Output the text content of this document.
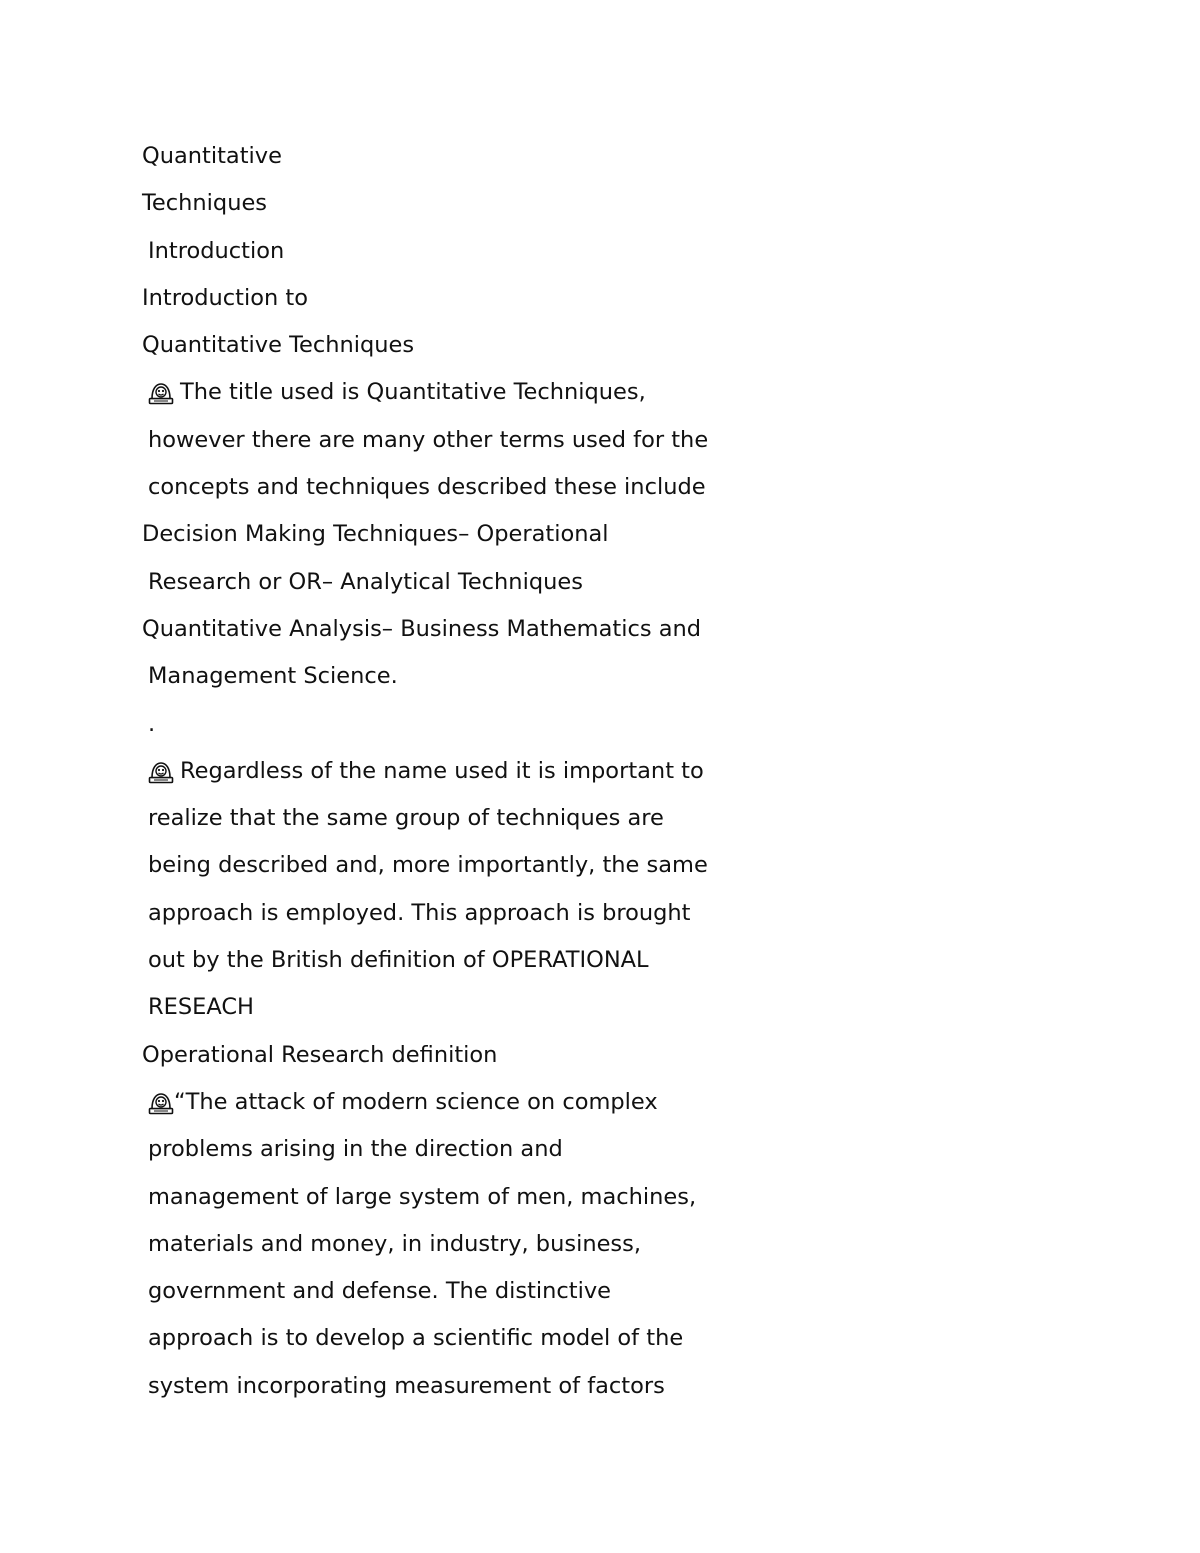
Quantitative
Techniques
Introduction
Introduction to
Quantitative Techniques
The title used is Quantitative Techniques,
however there are many other terms used for the
concepts and techniques described these include
Decision Making Techniques– Operational
Research or OR– Analytical Techniques
Quantitative Analysis– Business Mathematics and
Management Science.
.
Regardless of the name used it is important to
realize that the same group of techniques are
being described and, more importantly, the same
approach is employed. This approach is brought
out by the British definition of OPERATIONAL
RESEACH
Operational Research definition
“The attack of modern science on complex
problems arising in the direction and
management of large system of men, machines,
materials and money, in industry, business,
government and defense. The distinctive
approach is to develop a scientific model of the
system incorporating measurement of factors
